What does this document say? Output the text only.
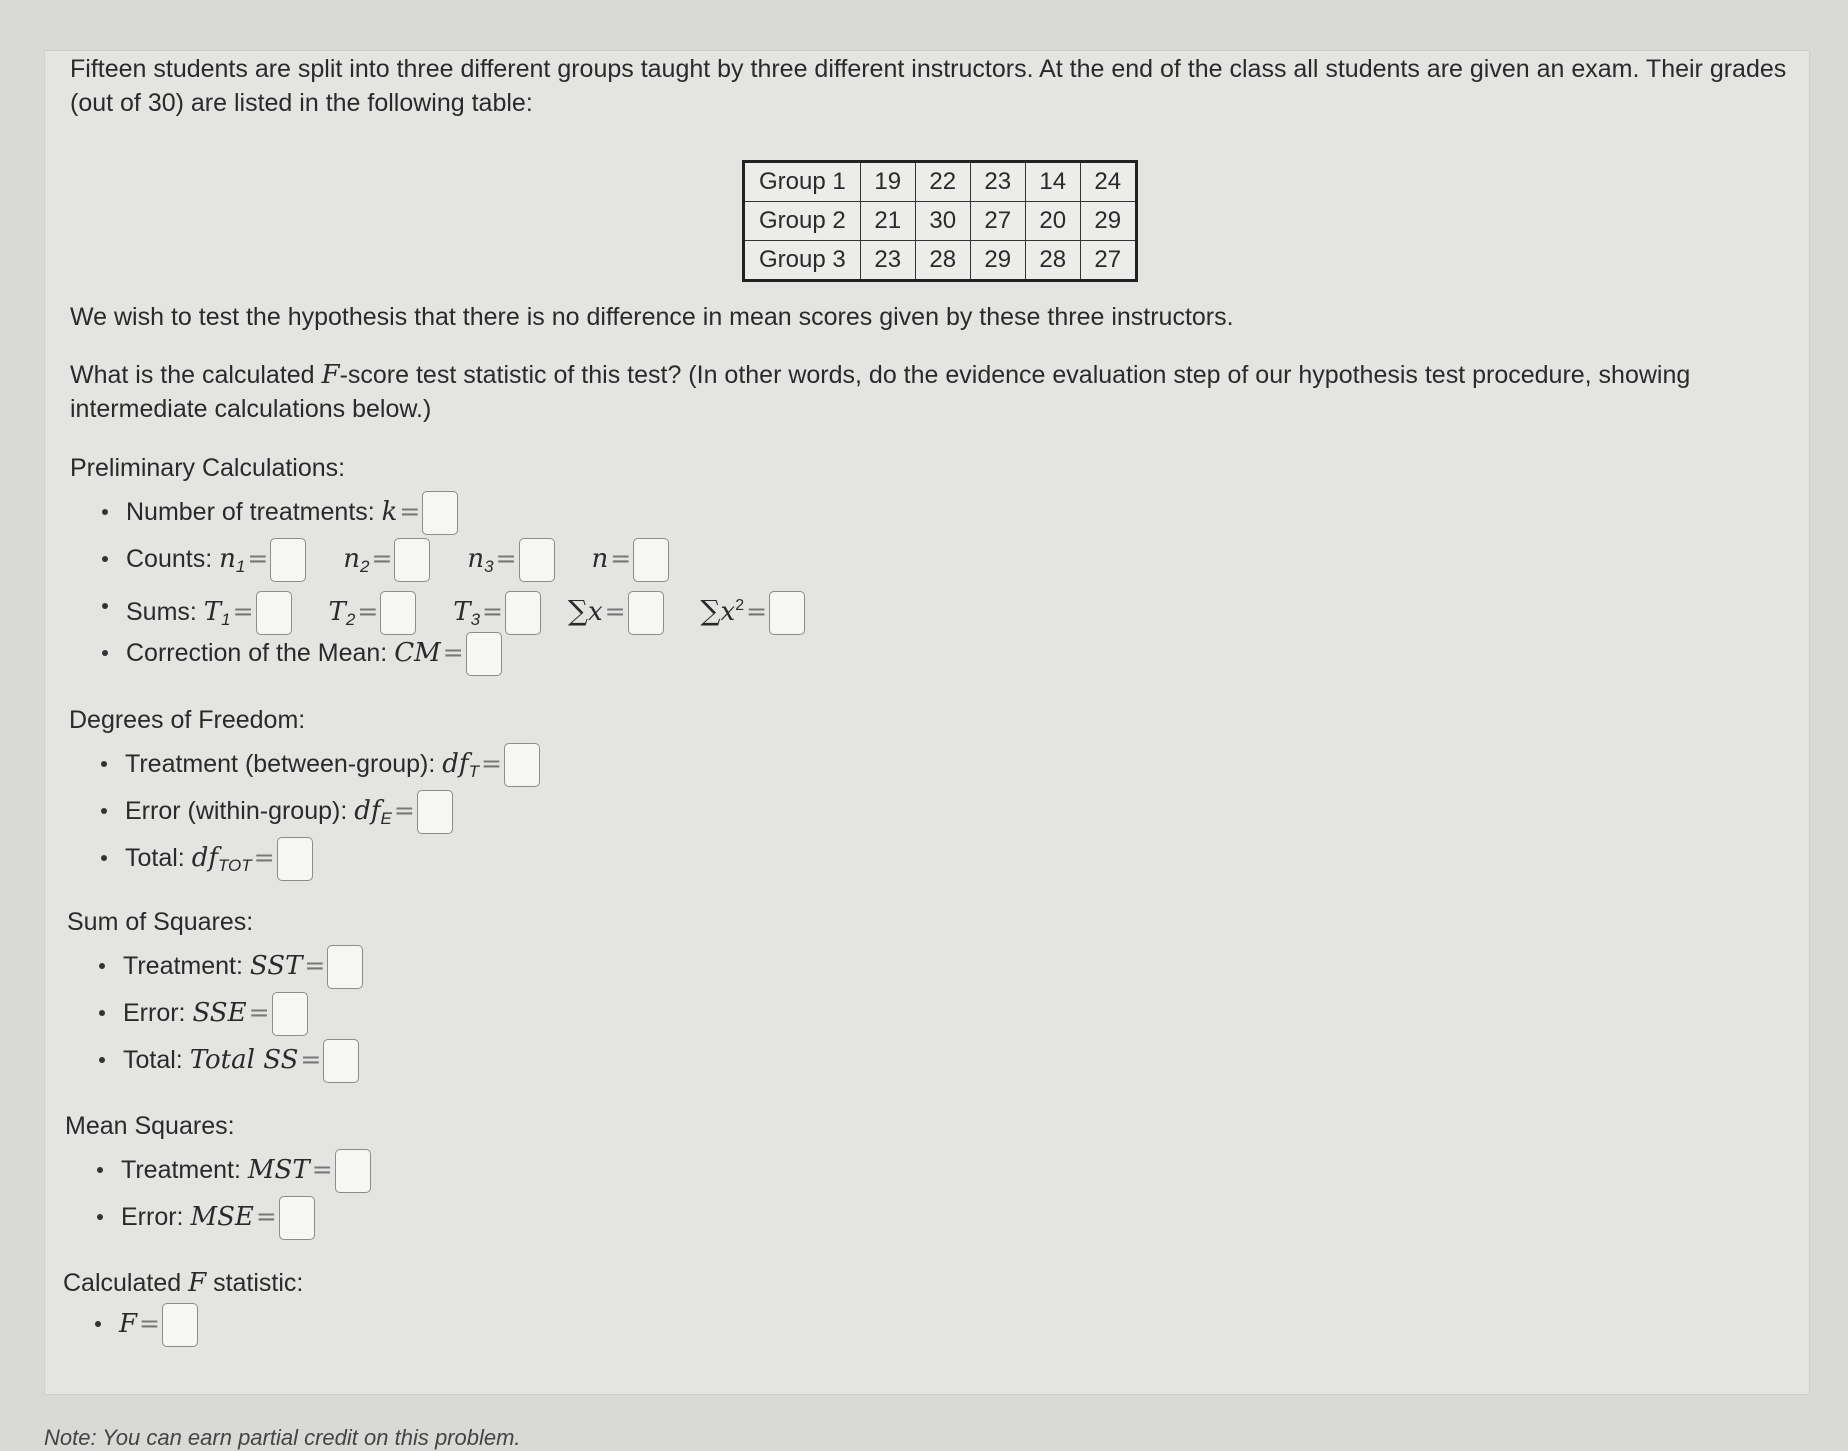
Fifteen students are split into three different groups taught by three different instructors. At the end of the class all students are given an exam. Their grades (out of 30) are listed in the following table:
Group 1	19	22	23	14	24
Group 2	21	30	27	20	29
Group 3	23	28	29	28	27
We wish to test the hypothesis that there is no difference in mean scores given by these three instructors.
What is the calculated F-score test statistic of this test? (In other words, do the evidence evaluation step of our hypothesis test procedure, showing intermediate calculations below.)
Preliminary Calculations:
Number of treatments: k=
Counts: $n_1=$	$n_2=$	$n_3=$	n=
Sums: $T_1=$	$T_2=$	$T_3= \sum x=$	$\sum x^2=$
Correction of the Mean: CM=
Degrees of Freedom:
Treatment (between-group): $df_T=$
Error (within-group): $df_E=$
Total: $df_{TOT}=$
Sum of Squares:
Treatment: SST=
Error: SSE=
Total: Total SS=
Mean Squares:
Treatment: MST=
Error: MSE=
Calculated F statistic:
F=
Note: You can earn partial credit on this problem.
